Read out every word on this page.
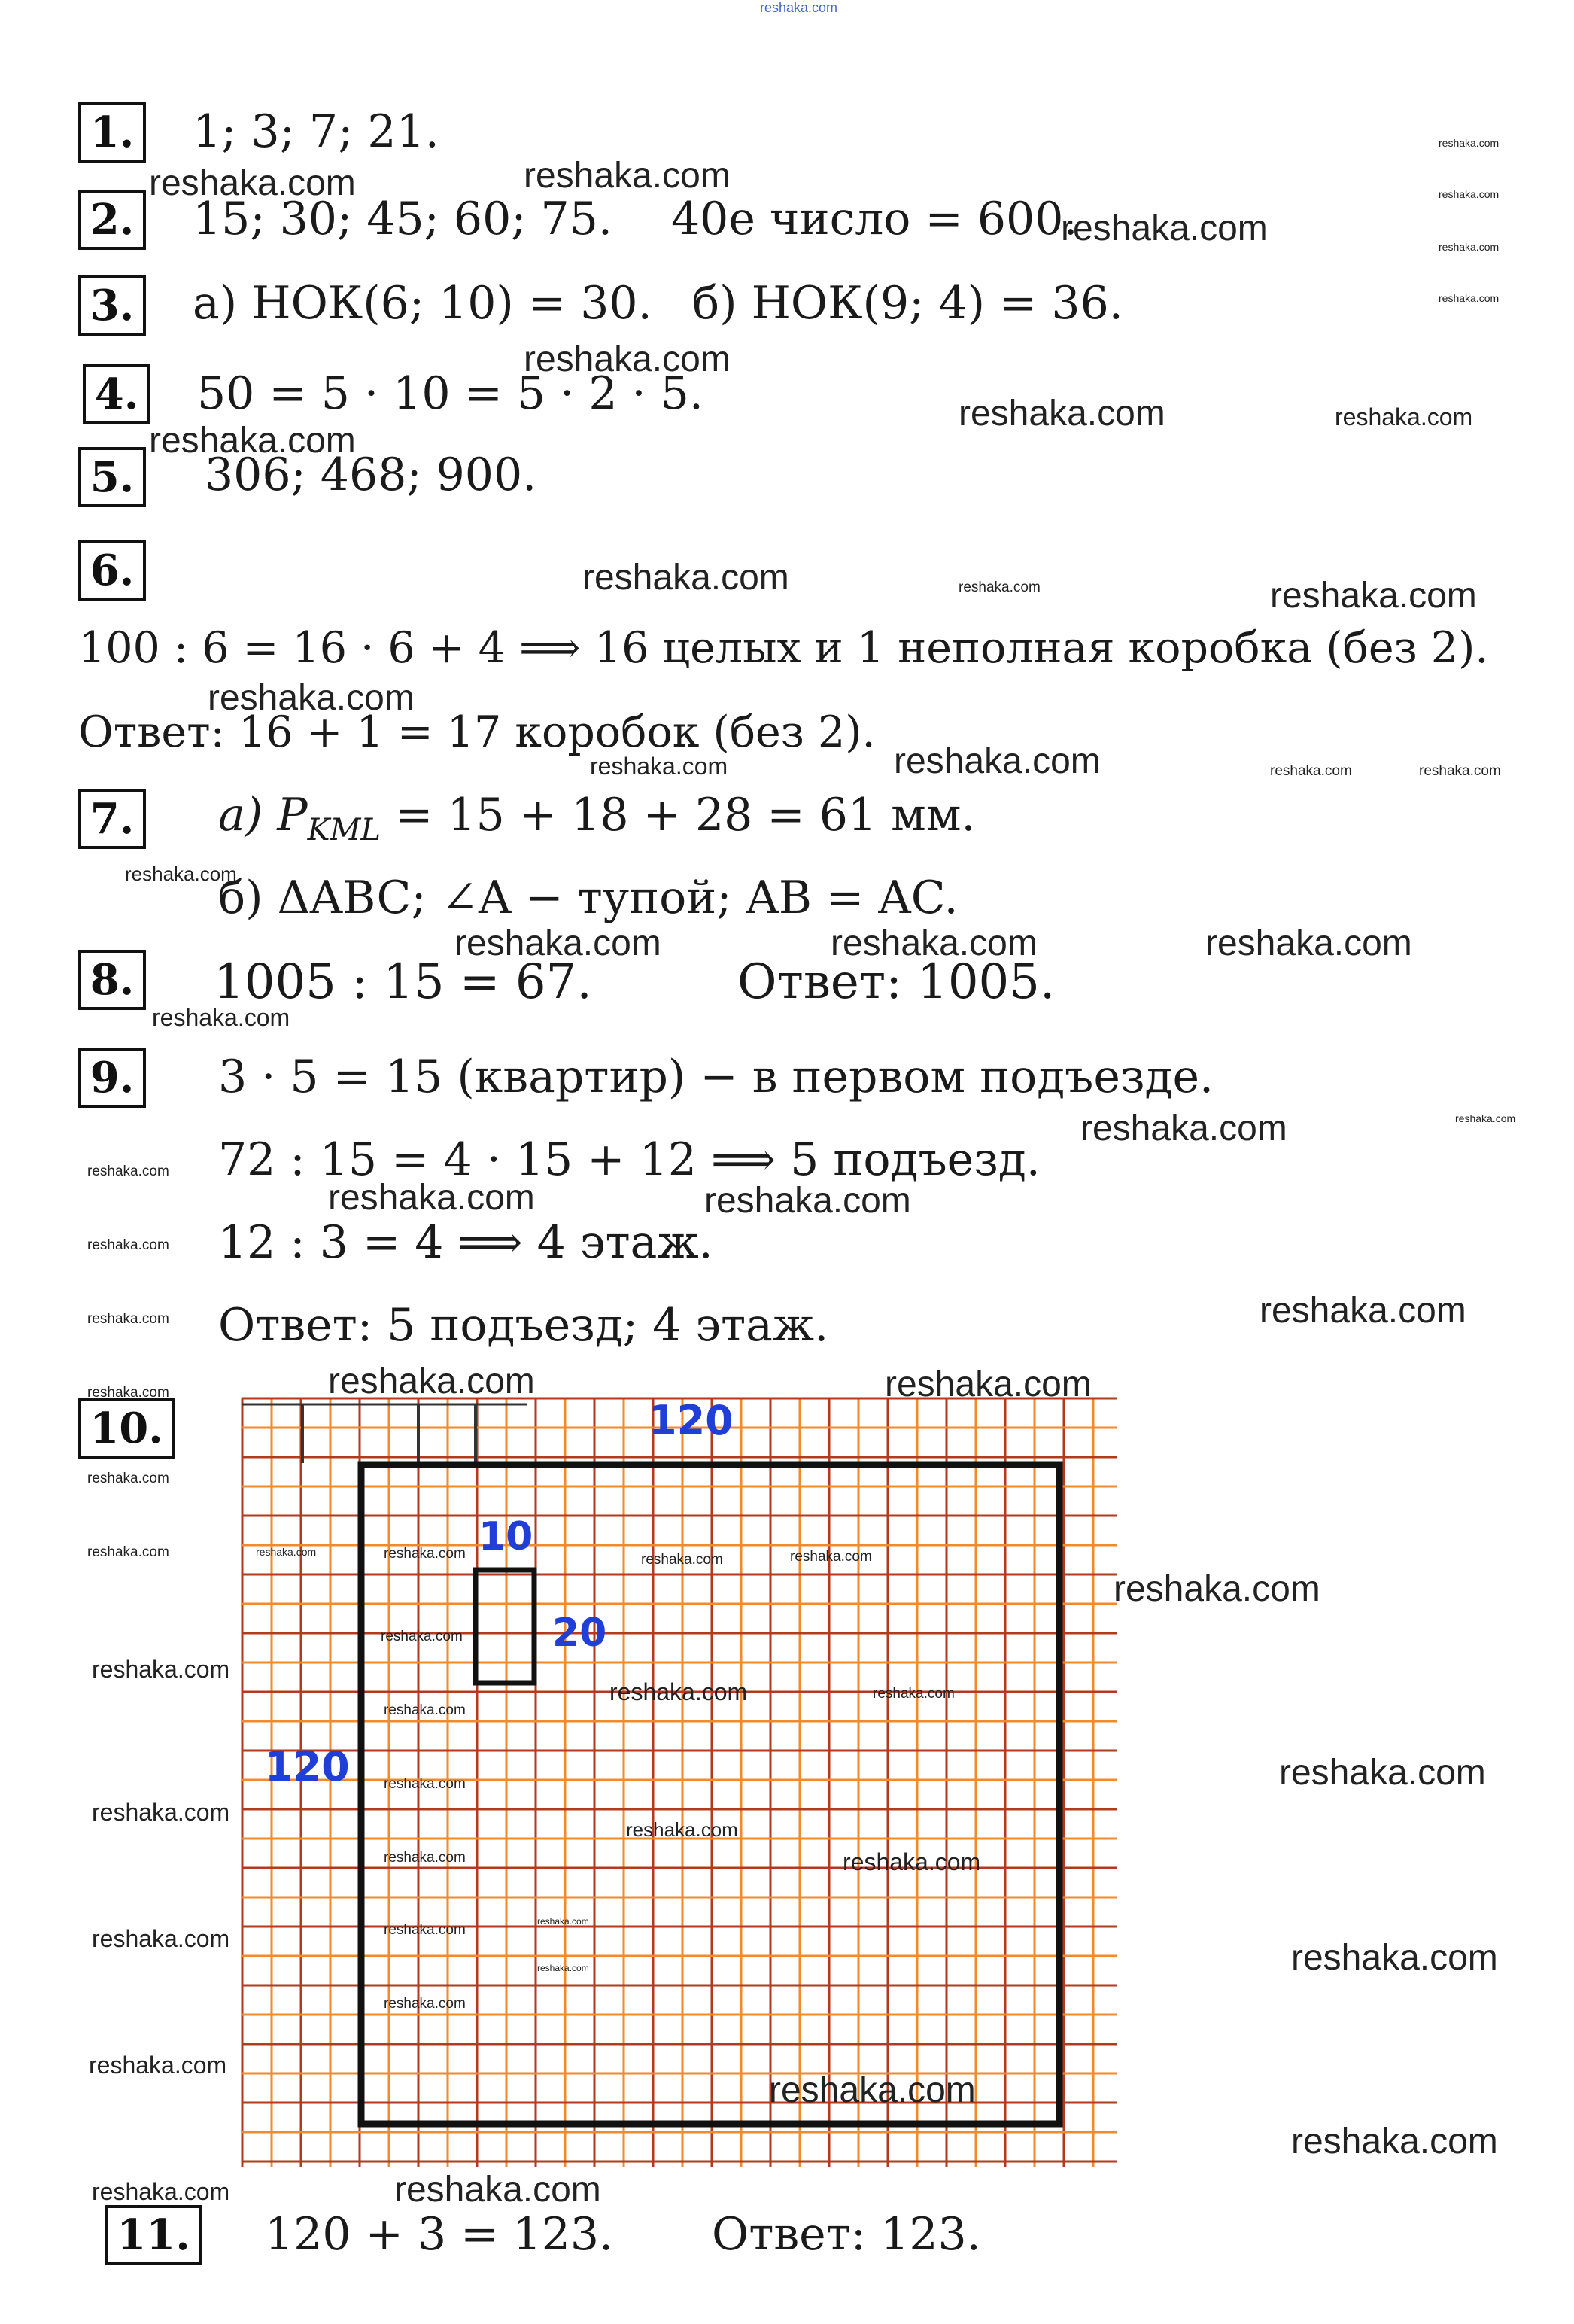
reshaka.com
1. 1; 3; 7; 21.
2. 15; 30; 45; 60; 75. 40е число = 600.
3. а) НОК(6; 10) = 30. б) НОК(9; 4) = 36.
4. 50 = 5 · 10 = 5 · 2 · 5.
5. 306; 468; 900.
6.
100 : 6 = 16 · 6 + 4 ⟹ 16 целых и 1 неполная коробка (без 2).
Ответ: 16 + 1 = 17 коробок (без 2).
7. а) $P_{KML} = 15 + 18 + 28 = 61$ мм.
б) ΔABC; ∠A − тупой; AB = AC.
8. 1005 : 15 = 67.	Ответ: 1005.
9. 3 · 5 = 15 (квартир) − в первом подъезде.
72 : 15 = 4 · 15 + 12 ⟹ 5 подъезд.
12 : 3 = 4 ⟹ 4 этаж.
Ответ: 5 подъезд; 4 этаж.
10.	120
120
10
20
11. 120 + 3 = 123. Ответ: 123.
reshaka.com	reshaka.com
reshaka.com
reshaka.com
reshaka.com
reshaka.com
reshaka.com
reshaka.com
reshaka.com	reshaka.com
reshaka.com
reshaka.com	reshaka.com	reshaka.com
reshaka.com
reshaka.com	reshaka.com	reshaka.com	reshaka.com
reshaka.com
reshaka.com	reshaka.com	reshaka.com
reshaka.com
reshaka.com	reshaka.com
reshaka.com
reshaka.com	reshaka.com
reshaka.com
reshaka.com	reshaka.com
reshaka.com	reshaka.com	reshaka.com
reshaka.com
reshaka.com	reshaka.com	reshaka.com	reshaka.com	reshaka.com
reshaka.com
reshaka.com
reshaka.com
reshaka.com	reshaka.com
reshaka.com
reshaka.com
reshaka.com
reshaka.com
reshaka.com
reshaka.com	reshaka.com
reshaka.com
reshaka.com
reshaka.com	reshaka.com
reshaka.com
reshaka.com
reshaka.com
reshaka.com
reshaka.com
reshaka.com	reshaka.com
